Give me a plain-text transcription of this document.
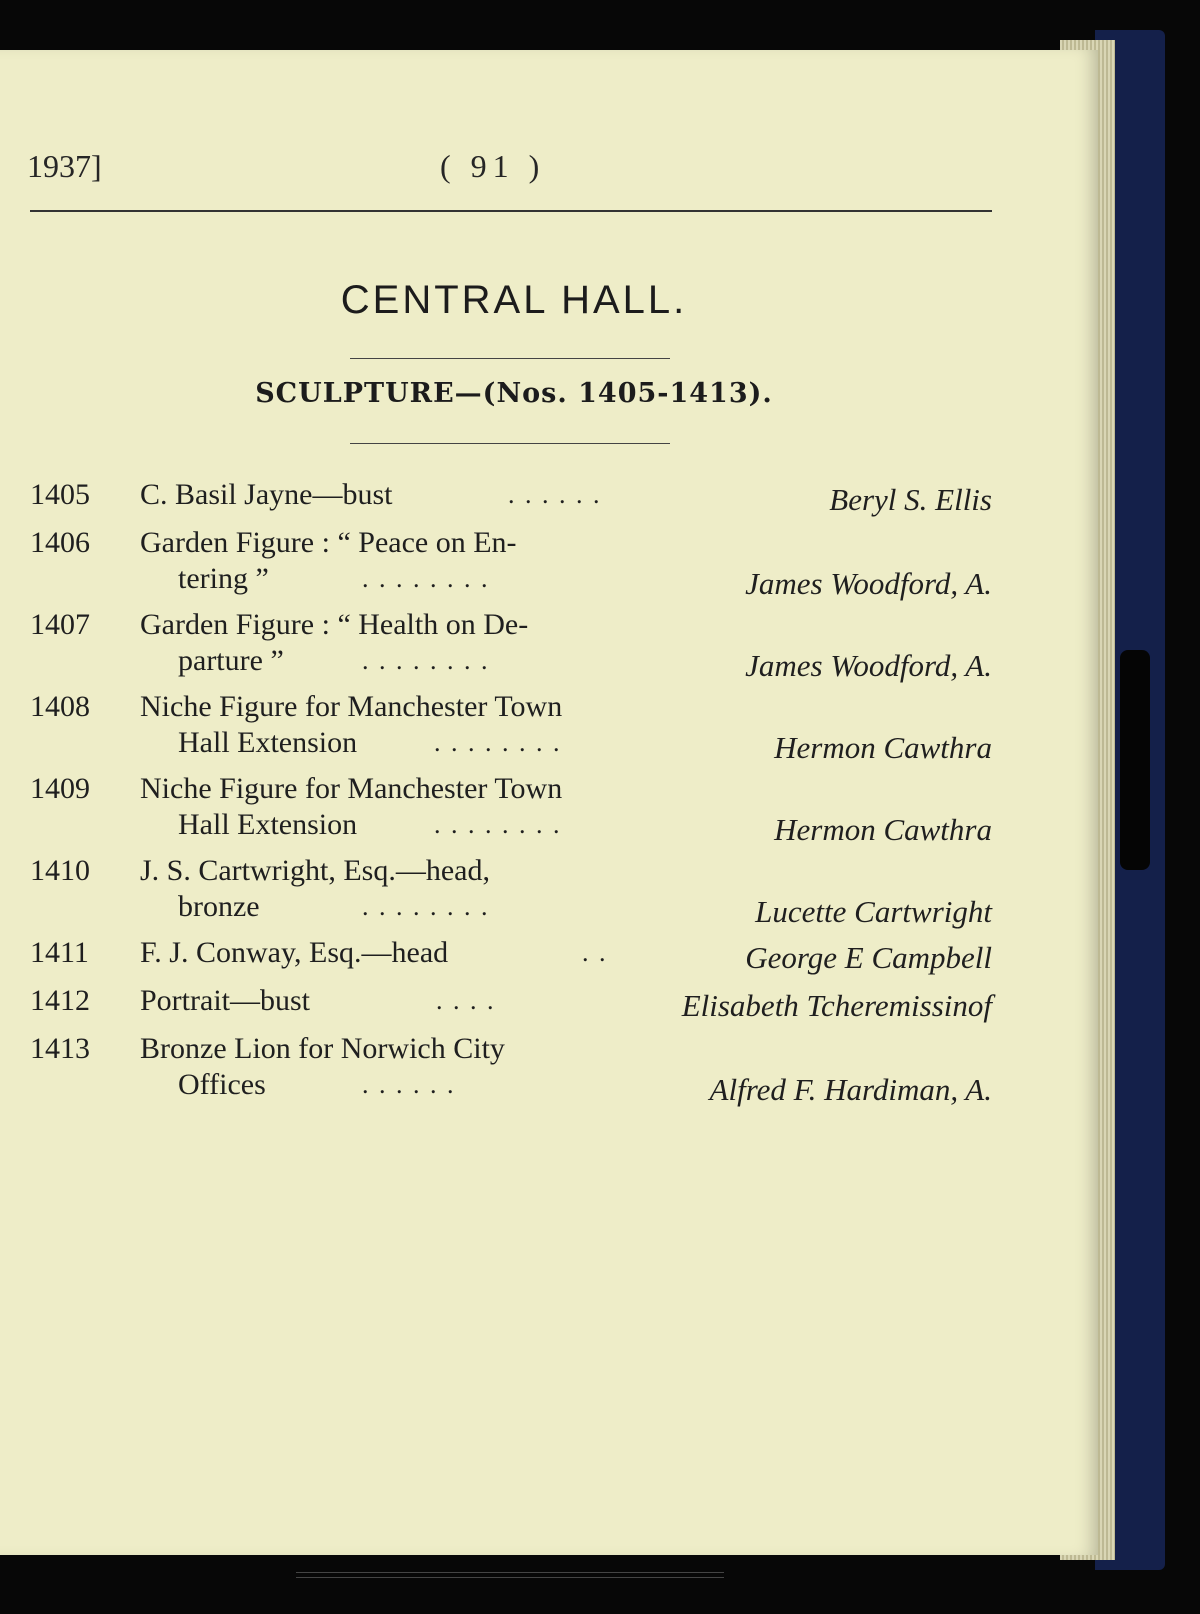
1937]	( 91 )
CENTRAL HALL.
SCULPTURE—(Nos. 1405-1413).
1405 C. Basil Jayne—bust	. . . . . .	Beryl S. Ellis
1406 Garden Figure : “ Peace on En-
tering ”	. . . . . . . .	James Woodford, A.
1407 Garden Figure : “ Health on De-
parture ”	. . . . . . . .	James Woodford, A.
1408 Niche Figure for Manchester Town
Hall Extension	. . . . . . . .	Hermon Cawthra
1409 Niche Figure for Manchester Town
Hall Extension	. . . . . . . .	Hermon Cawthra
1410 J. S. Cartwright, Esq.—head,
bronze	. . . . . . . .	Lucette Cartwright
1411 F. J. Conway, Esq.—head	. .	George E Campbell
1412 Portrait—bust	. . . .	Elisabeth Tcheremissinof
1413 Bronze Lion for Norwich City
Offices	. . . . . .	Alfred F. Hardiman, A.
